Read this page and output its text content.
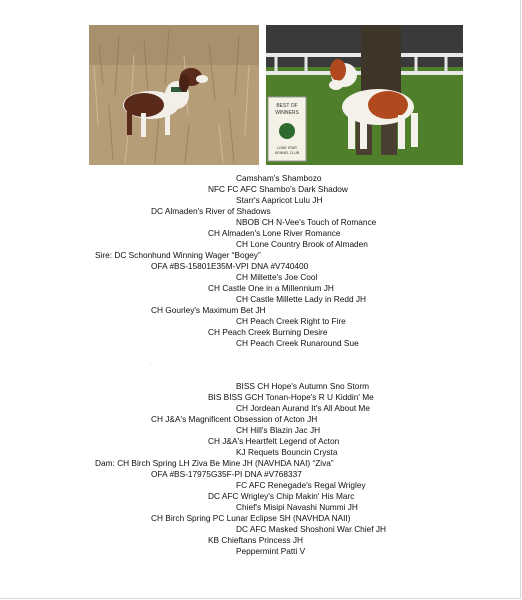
BEST OF
WINNERS
LONE STAR
KENNEL CLUB
Camsham's Shambozo
NFC FC AFC Shambo's Dark Shadow
Starr's Aapricot Lulu JH
DC Almaden's River of Shadows
NBOB CH N-Vee's Touch of Romance
CH Almaden's Lone River Romance
CH Lone Country Brook of Almaden
Sire: DC Schonhund Winning Wager “Bogey”
OFA #BS-15801E35M-VPI DNA #V740400
CH Millette's Joe Cool
CH Castle One in a Millennium JH
CH Castle Millette Lady in Redd JH
CH Gourley's Maximum Bet JH
CH Peach Creek Right to Fire
CH Peach Creek Burning Desire
CH Peach Creek Runaround Sue
·
BISS CH Hope's Autumn Sno Storm
BIS BISS GCH Tonan-Hope's R U Kiddin' Me
CH Jordean Aurand It's All About Me
CH J&A's Magnificent Obsession of Acton JH
CH Hill's Blazin Jac JH
CH J&A's Heartfelt Legend of Acton
KJ Requets Bouncin Crysta
Dam: CH Birch Spring LH Ziva Be Mine JH (NAVHDA NAI) “Ziva”
OFA #BS-17975G35F-PI DNA #V768337
FC AFC Renegade's Regal Wrigley
DC AFC Wrigley's Chip Makin' His Marc
Chief's Misipi Navashi Nummi JH
CH Birch Spring PC Lunar Eclipse SH (NAVHDA NAII)
DC AFC Masked Shoshoni War Chief JH
KB Chieftans Princess JH
Peppermint Patti V
